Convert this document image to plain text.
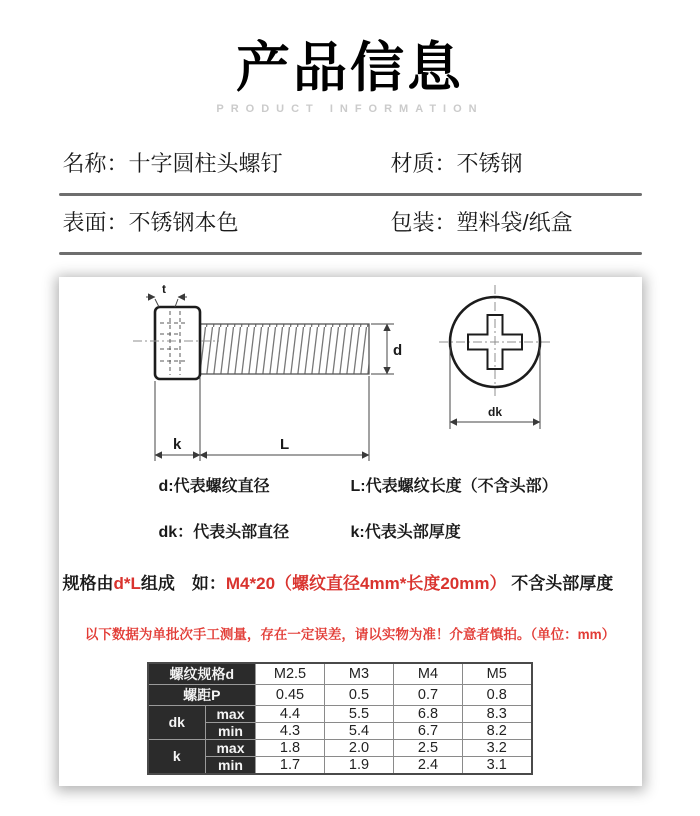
产品信息
PRODUCT INFORMATION
名称：十字圆柱头螺钉	材质：不锈钢
表面：不锈钢本色	包装：塑料袋/纸盒
t
d
k	L
dk
d:代表螺纹直径	L:代表螺纹长度（不含头部）
dk：代表头部直径	k:代表头部厚度
规格由d*L组成　如：M4*20（螺纹直径4mm*长度20mm） 不含头部厚度
以下数据为单批次手工测量，存在一定误差，请以实物为准！介意者慎拍。（单位：mm）
螺纹规格d		M2.5	M3	M4	M5
螺距P		0.45	0.5	0.7	0.8
dk	max	4.4	5.5	6.8	8.3
	min	4.3	5.4	6.7	8.2
k	max	1.8	2.0	2.5	3.2
	min	1.7	1.9	2.4	3.1
